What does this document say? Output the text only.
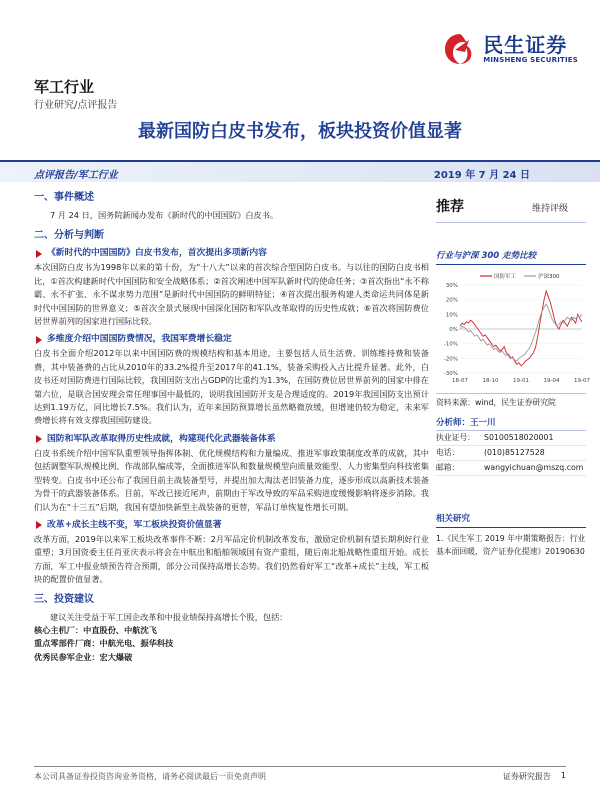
民生证券
MINSHENG SECURITIES
军工行业
行业研究/点评报告
最新国防白皮书发布，板块投资价值显著
点评报告/军工行业	2019 年 7 月 24 日
一、事件概述
7 月 24 日，国务院新闻办发布《新时代的中国国防》白皮书。
二、分析与判断
《新时代的中国国防》白皮书发布，首次提出多项新内容
本次国防白皮书为1998年以来的第十份，为“十八大”以来的首次综合型国防白皮书。与以往的国防白皮书相比，①首次构建新时代中国国防和安全战略体系；②首次阐述中国军队新时代的使命任务；③首次指出“永不称霸、永不扩张、永不谋求势力范围”是新时代中国国防的鲜明特征；④首次提出服务构建人类命运共同体是新时代中国国防的世界意义；⑤首次全景式展现中国深化国防和军队改革取得的历史性成就；⑥首次将国防费位居世界前列的国家进行国际比较。
多维度介绍中国国防费情况，我国军费增长稳定
白皮书全面介绍2012年以来中国国防费的规模结构和基本用途，主要包括人员生活费、训练维持费和装备费，其中装备费的占比从2010年的33.2%提升至2017年的41.1%，装备采购投入占比提升显著。此外，白皮书还对国防费进行国际比较，我国国防支出占GDP的比重约为1.3%，在国防费位居世界前列的国家中排在第六位，是联合国安理会常任理事国中最低的，说明我国国防开支是合理适度的。2019年我国国防支出预计达到1.19万亿，同比增长7.5%。我们认为，近年来国防预算增长虽然略微放缓，但增速仍较为稳定，未来军费增长将有效支撑我国国防建设。
国防和军队改革取得历史性成就，构建现代化武器装备体系
白皮书系统介绍中国军队重塑领导指挥体制、优化规模结构和力量编成、推进军事政策制度改革的成就，其中包括调整军队规模比例、作战部队编成等，全面推进军队和数量规模型向质量效能型、人力密集型向科技密集型转变。白皮书中还公布了我国目前主战装备型号，并提出加大淘汰老旧装备力度，逐步形成以高新技术装备为骨干的武器装备体系。目前，军改已接近尾声，前期由于军改导致的军品采购进度缓慢影响将逐步消除。我们认为在“十三五”后期，我国有望加快新型主战装备的更替，军品订单恢复性增长可期。
改革+成长主线不变，军工板块投资价值显著
改革方面，2019年以来军工板块改革事件不断：2月军品定价机制改革发布，激励定价机制有望长期利好行业重塑；3月国资委主任肖亚庆表示将会在中航出和船舶领域国有资产重组，随后南北船战略性重组开始。成长方面，军工中报业绩预告符合预期，部分公司保持高增长态势。我们仍然看好军工“改革+成长”主线，军工板块的配置价值显著。
三、投资建议
建议关注受益于军工国企改革和中报业绩保持高增长个股，包括：
核心主机厂：中直股份、中航沈飞
重点零部件厂商：中航光电、振华科技
优秀民参军企业：宏大爆破
推荐	维持评级
行业与沪深 300 走势比较
30%
20%
10%
0%
-10%
-20%
-30%
18-07	18-10	19-01	19-04	19-07
国防军工	沪深300
资料来源：wind，民生证券研究院
分析师：王一川
执业证号：	S0100518020001
电话：	(010)85127528
邮箱：	wangyichuan@mszq.com
相关研究
1.《民生军工 2019 年中期策略报告：行业基本面回暖，资产证券化提速》20190630
本公司具备证券投资咨询业务资格，请务必阅读最后一页免责声明	证券研究报告 1
